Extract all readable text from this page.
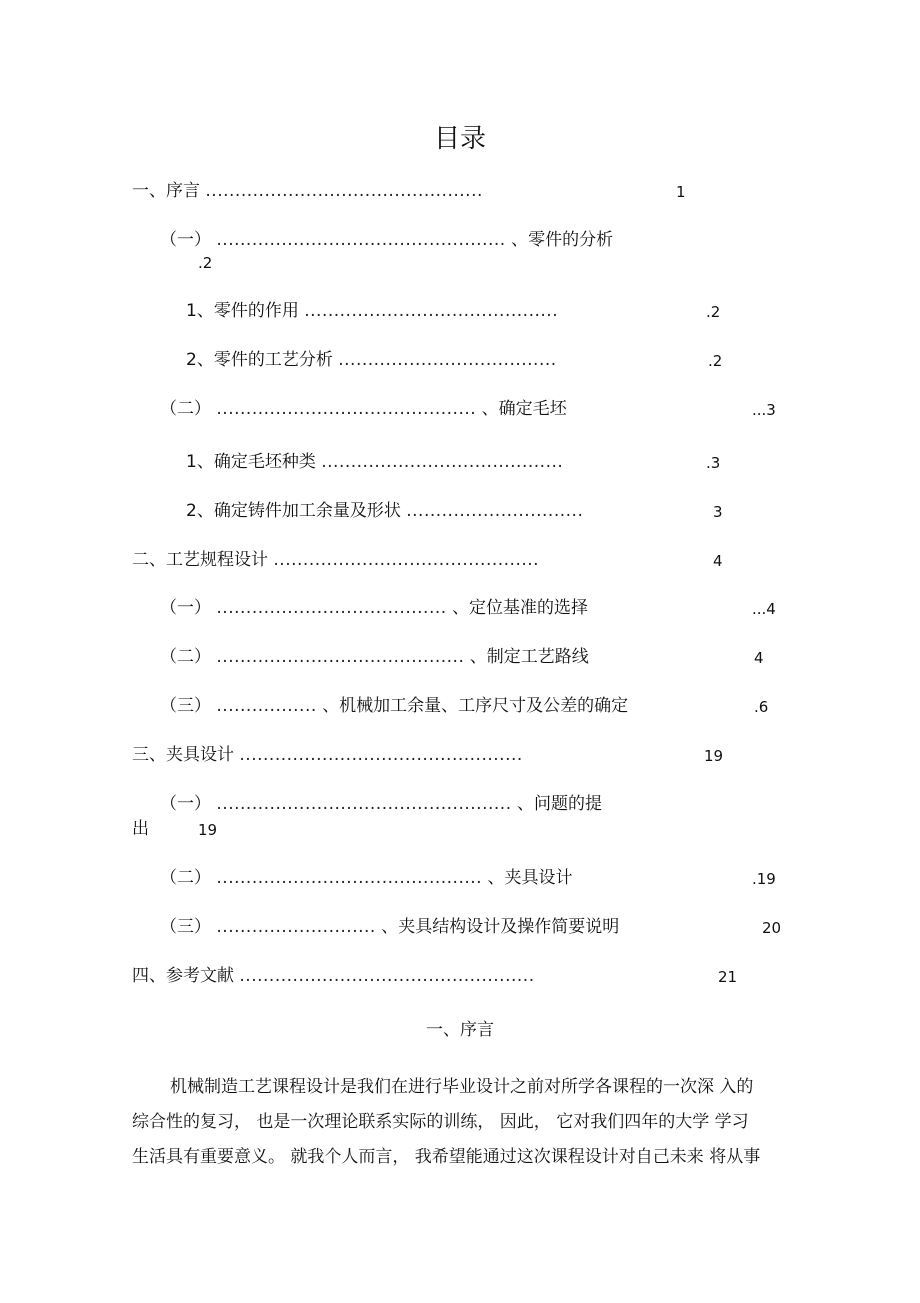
目录
一、序言 ...............................................	1
（一） ................................................. 、零件的分析
.2
1、零件的作用 ...........................................	.2
2、零件的工艺分析 .....................................	.2
（二） ............................................ 、确定毛坯	...3
1、确定毛坯种类 .........................................	.3
2、确定铸件加工余量及形状 ..............................	3
二、工艺规程设计 .............................................	4
（一） ....................................... 、定位基准的选择	...4
（二） .......................................... 、制定工艺路线	4
（三） ................. 、机械加工余量、工序尺寸及公差的确定	.6
三、夹具设计 ................................................	19
（一） .................................................. 、问题的提
出	19
（二） ............................................. 、夹具设计	.19
（三） ........................... 、夹具结构设计及操作简要说明	20
四、参考文献 ..................................................	21
一、序言
机械制造工艺课程设计是我们在进行毕业设计之前对所学各课程的一次深 入的
综合性的复习， 也是一次理论联系实际的训练， 因此， 它对我们四年的大学 学习
生活具有重要意义。 就我个人而言， 我希望能通过这次课程设计对自己未来 将从事
